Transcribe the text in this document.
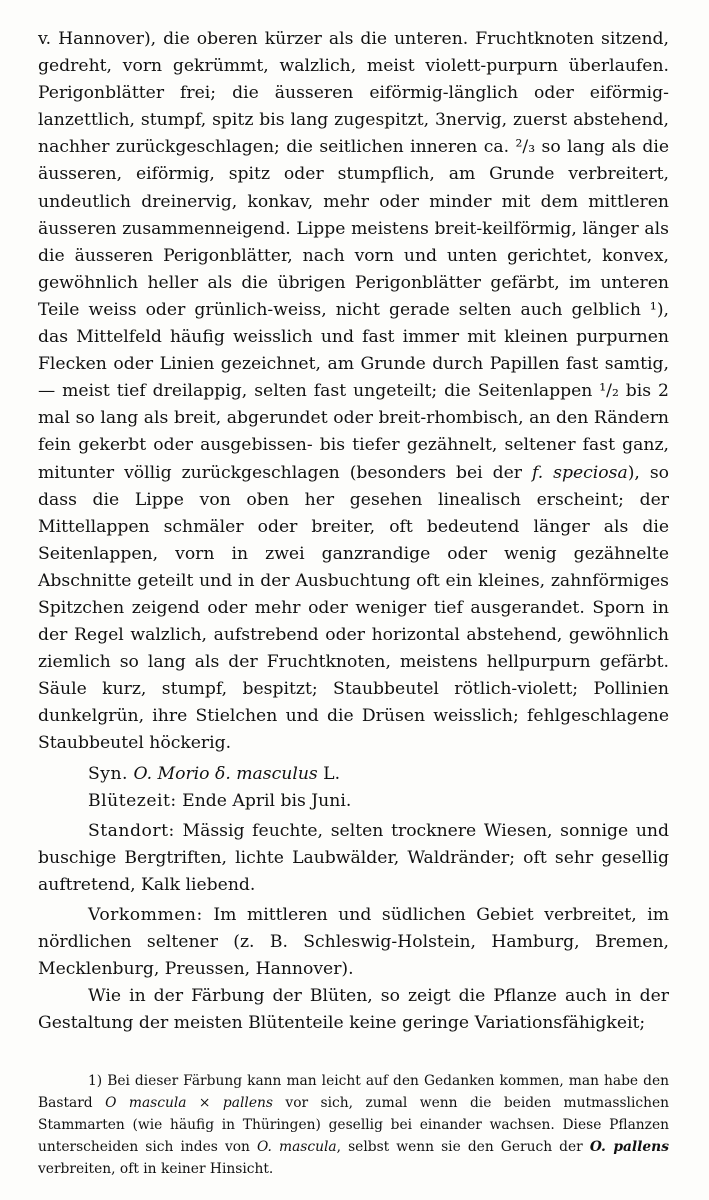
v. Hannover), die oberen kürzer als die unteren. Fruchtknoten sitzend, gedreht, vorn gekrümmt, walzlich, meist violett-purpurn überlaufen. Perigonblätter frei; die äusseren eiförmig-länglich oder eiförmig-lanzettlich, stumpf, spitz bis lang zugespitzt, 3nervig, zuerst abstehend, nachher zurückgeschlagen; die seitlichen inneren ca. ²/₃ so lang als die äusseren, eiförmig, spitz oder stumpflich, am Grunde verbreitert, undeutlich dreinervig, konkav, mehr oder minder mit dem mittleren äusseren zusammenneigend. Lippe meistens breit-keilförmig, länger als die äusseren Perigonblätter, nach vorn und unten gerichtet, konvex, gewöhnlich heller als die übrigen Perigonblätter gefärbt, im unteren Teile weiss oder grünlich-weiss, nicht gerade selten auch gelblich ¹), das Mittelfeld häufig weisslich und fast immer mit kleinen purpurnen Flecken oder Linien gezeichnet, am Grunde durch Papillen fast samtig, — meist tief dreilappig, selten fast ungeteilt; die Seitenlappen ¹/₂ bis 2 mal so lang als breit, abgerundet oder breit-rhombisch, an den Rändern fein gekerbt oder ausgebissen- bis tiefer gezähnelt, seltener fast ganz, mitunter völlig zurückgeschlagen (besonders bei der f. speciosa), so dass die Lippe von oben her gesehen linealisch erscheint; der Mittellappen schmäler oder breiter, oft bedeutend länger als die Seitenlappen, vorn in zwei ganzrandige oder wenig gezähnelte Abschnitte geteilt und in der Ausbuchtung oft ein kleines, zahnförmiges Spitzchen zeigend oder mehr oder weniger tief ausgerandet. Sporn in der Regel walzlich, aufstrebend oder horizontal abstehend, gewöhnlich ziemlich so lang als der Fruchtknoten, meistens hellpurpurn gefärbt. Säule kurz, stumpf, bespitzt; Staubbeutel rötlich-violett; Pollinien dunkelgrün, ihre Stielchen und die Drüsen weisslich; fehlgeschlagene Staubbeutel höckerig.

Syn. O. Morio δ. masculus L.

Blütezeit: Ende April bis Juni.

Standort: Mässig feuchte, selten trocknere Wiesen, sonnige und buschige Bergtriften, lichte Laubwälder, Waldränder; oft sehr gesellig auftretend, Kalk liebend.

Vorkommen: Im mittleren und südlichen Gebiet verbreitet, im nördlichen seltener (z. B. Schleswig-Holstein, Hamburg, Bremen, Mecklenburg, Preussen, Hannover).

Wie in der Färbung der Blüten, so zeigt die Pflanze auch in der Gestaltung der meisten Blütenteile keine geringe Variationsfähigkeit;

1) Bei dieser Färbung kann man leicht auf den Gedanken kommen, man habe den Bastard O mascula × pallens vor sich, zumal wenn die beiden mutmasslichen Stammarten (wie häufig in Thüringen) gesellig bei einander wachsen. Diese Pflanzen unterscheiden sich indes von O. mascula, selbst wenn sie den Geruch der O. pallens verbreiten, oft in keiner Hinsicht.
